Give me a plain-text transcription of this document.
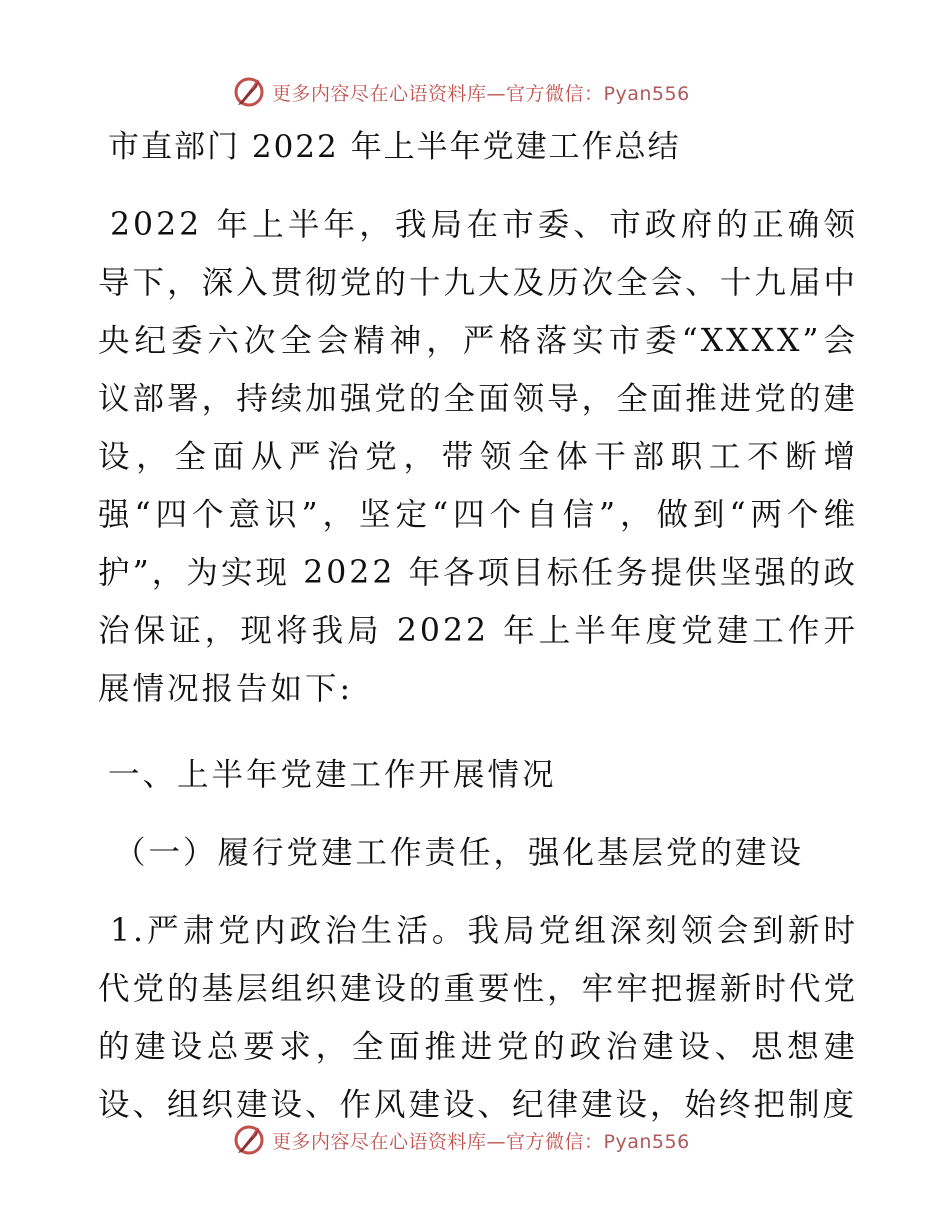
更多内容尽在心语资料库—官方微信：Pyan556
市直部门 2022 年上半年党建工作总结

2022 年上半年，我局在市委、市政府的正确领导下，深入贯彻党的十九大及历次全会、十九届中央纪委六次全会精神，严格落实市委“XXXX”会议部署，持续加强党的全面领导，全面推进党的建设，全面从严治党，带领全体干部职工不断增强“四个意识”，坚定“四个自信”，做到“两个维护”，为实现 2022 年各项目标任务提供坚强的政治保证，现将我局 2022 年上半年度党建工作开展情况报告如下:

一、上半年党建工作开展情况
（一）履行党建工作责任，强化基层党的建设

1.严肃党内政治生活。我局党组深刻领会到新时代党的基层组织建设的重要性，牢牢把握新时代党的建设总要求，全面推进党的政治建设、思想建设、组织建设、作风建设、纪律建设，始终把制度

更多内容尽在心语资料库—官方微信：Pyan556
